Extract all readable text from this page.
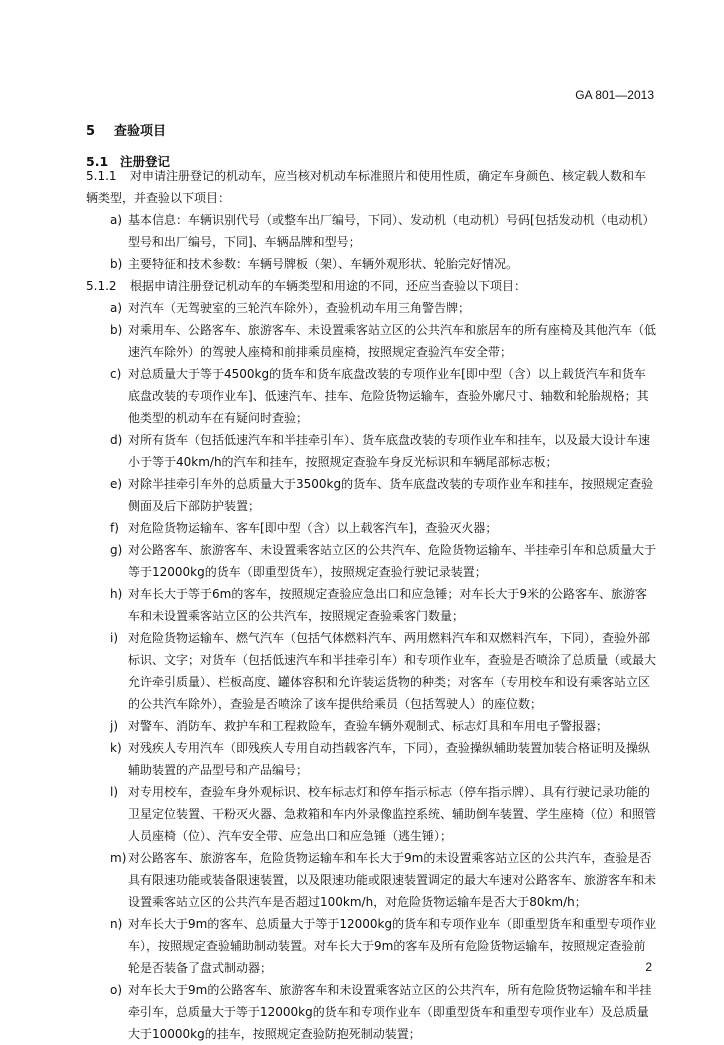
GA 801—2013
5 查验项目
5.1 注册登记

5.1.1 对申请注册登记的机动车，应当核对机动车标准照片和使用性质，确定车身颜色、核定载人数和车辆类型，并查验以下项目：

a) 基本信息：车辆识别代号（或整车出厂编号，下同）、发动机（电动机）号码[包括发动机（电动机）型号和出厂编号，下同]、车辆品牌和型号；

b) 主要特征和技术参数：车辆号牌板（架）、车辆外观形状、轮胎完好情况。

5.1.2 根据申请注册登记机动车的车辆类型和用途的不同，还应当查验以下项目：

a) 对汽车（无驾驶室的三轮汽车除外），查验机动车用三角警告牌；

b) 对乘用车、公路客车、旅游客车、未设置乘客站立区的公共汽车和旅居车的所有座椅及其他汽车（低速汽车除外）的驾驶人座椅和前排乘员座椅，按照规定查验汽车安全带；

c) 对总质量大于等于4500kg的货车和货车底盘改装的专项作业车[即中型（含）以上载货汽车和货车底盘改装的专项作业车]、低速汽车、挂车、危险货物运输车，查验外廓尺寸、轴数和轮胎规格；其他类型的机动车在有疑问时查验；

d) 对所有货车（包括低速汽车和半挂牵引车）、货车底盘改装的专项作业车和挂车，以及最大设计车速小于等于40km/h的汽车和挂车，按照规定查验车身反光标识和车辆尾部标志板；

e) 对除半挂牵引车外的总质量大于3500kg的货车、货车底盘改装的专项作业车和挂车，按照规定查验侧面及后下部防护装置；

f) 对危险货物运输车、客车[即中型（含）以上载客汽车]，查验灭火器；

g) 对公路客车、旅游客车、未设置乘客站立区的公共汽车、危险货物运输车、半挂牵引车和总质量大于等于12000kg的货车（即重型货车），按照规定查验行驶记录装置；

h) 对车长大于等于6m的客车，按照规定查验应急出口和应急锤；对车长大于9米的公路客车、旅游客车和未设置乘客站立区的公共汽车，按照规定查验乘客门数量；

i) 对危险货物运输车、燃气汽车（包括气体燃料汽车、两用燃料汽车和双燃料汽车，下同），查验外部标识、文字；对货车（包括低速汽车和半挂牵引车）和专项作业车，查验是否喷涂了总质量（或最大允许牵引质量）、栏板高度、罐体容积和允许装运货物的种类；对客车（专用校车和设有乘客站立区的公共汽车除外），查验是否喷涂了该车提供给乘员（包括驾驶人）的座位数；

j) 对警车、消防车、救护车和工程救险车，查验车辆外观制式、标志灯具和车用电子警报器；

k) 对残疾人专用汽车（即残疾人专用自动挡载客汽车，下同），查验操纵辅助装置加装合格证明及操纵辅助装置的产品型号和产品编号；

l) 对专用校车，查验车身外观标识、校车标志灯和停车指示标志（停车指示牌）、具有行驶记录功能的卫星定位装置、干粉灭火器、急救箱和车内外录像监控系统、辅助倒车装置、学生座椅（位）和照管人员座椅（位）、汽车安全带、应急出口和应急锤（逃生锤）；

m) 对公路客车、旅游客车，危险货物运输车和车长大于9m的未设置乘客站立区的公共汽车，查验是否具有限速功能或装备限速装置，以及限速功能或限速装置调定的最大车速对公路客车、旅游客车和未设置乘客站立区的公共汽车是否超过100km/h，对危险货物运输车是否大于80km/h；

n) 对车长大于9m的客车、总质量大于等于12000kg的货车和专项作业车（即重型货车和重型专项作业车），按照规定查验辅助制动装置。对车长大于9m的客车及所有危险货物运输车，按照规定查验前轮是否装备了盘式制动器；

o) 对车长大于9m的公路客车、旅游客车和未设置乘客站立区的公共汽车，所有危险货物运输车和半挂牵引车，总质量大于等于12000kg的货车和专项作业车（即重型货车和重型专项作业车）及总质量大于10000kg的挂车，按照规定查验防抱死制动装置；

2
